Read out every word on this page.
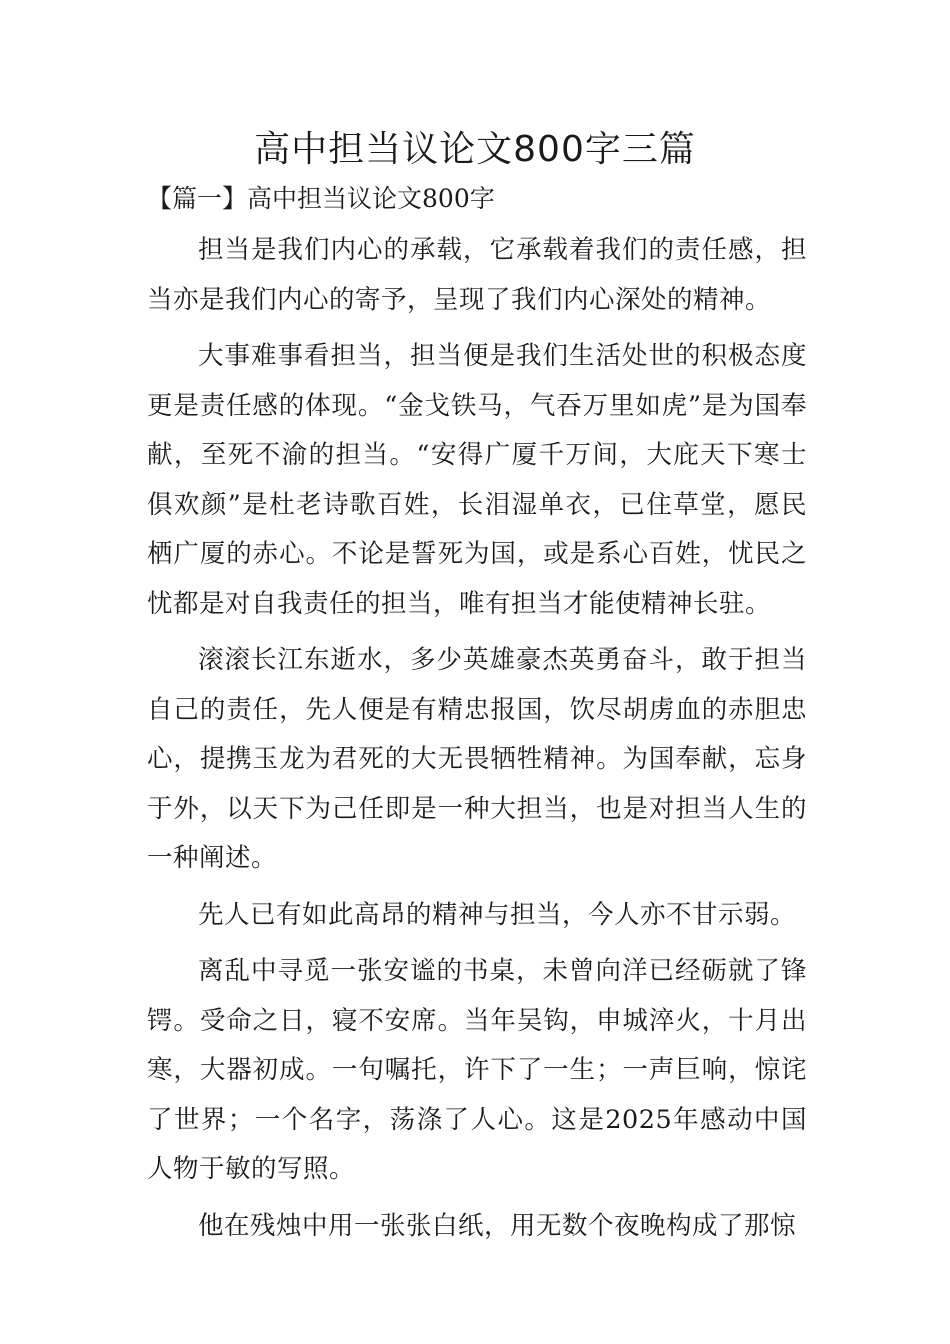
高中担当议论文800字三篇
【篇一】高中担当议论文800字

担当是我们内心的承载，它承载着我们的责任感，担当亦是我们内心的寄予，呈现了我们内心深处的精神。

大事难事看担当，担当便是我们生活处世的积极态度更是责任感的体现。“金戈铁马，气吞万里如虎”是为国奉献，至死不渝的担当。“安得广厦千万间，大庇天下寒士俱欢颜”是杜老诗歌百姓，长泪湿单衣，已住草堂，愿民栖广厦的赤心。不论是誓死为国，或是系心百姓，忧民之忧都是对自我责任的担当，唯有担当才能使精神长驻。

滚滚长江东逝水，多少英雄豪杰英勇奋斗，敢于担当自己的责任，先人便是有精忠报国，饮尽胡虏血的赤胆忠心，提携玉龙为君死的大无畏牺牲精神。为国奉献，忘身于外，以天下为己任即是一种大担当，也是对担当人生的一种阐述。

先人已有如此高昂的精神与担当，今人亦不甘示弱。

离乱中寻觅一张安谧的书桌，未曾向洋已经砺就了锋锷。受命之日，寝不安席。当年吴钩，申城淬火，十月出寒，大器初成。一句嘱托，许下了一生；一声巨响，惊诧了世界；一个名字，荡涤了人心。这是2025年感动中国人物于敏的写照。

他在残烛中用一张张白纸，用无数个夜晚构成了那惊
